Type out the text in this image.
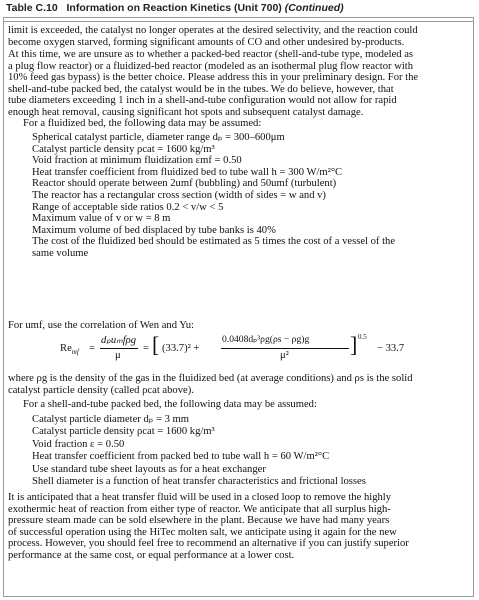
Table C.10 Information on Reaction Kinetics (Unit 700) (Continued)
limit is exceeded, the catalyst no longer operates at the desired selectivity, and the reaction could
become oxygen starved, forming significant amounts of CO and other undesired by-products.
At this time, we are unsure as to whether a packed-bed reactor (shell-and-tube type, modeled as
a plug flow reactor) or a fluidized-bed reactor (modeled as an isothermal plug flow reactor with
10% feed gas bypass) is the better choice. Please address this in your preliminary design. For the
shell-and-tube packed bed, the catalyst would be in the tubes. We do believe, however, that
tube diameters exceeding 1 inch in a shell-and-tube configuration would not allow for rapid
enough heat removal, causing significant hot spots and subsequent catalyst damage.
For a fluidized bed, the following data may be assumed:
Spherical catalyst particle, diameter range dₚ = 300–600μm
Catalyst particle density ρcat = 1600 kg/m³
Void fraction at minimum fluidization εmf = 0.50
Heat transfer coefficient from fluidized bed to tube wall h = 300 W/m²°C
Reactor should operate between 2umf (bubbling) and 50umf (turbulent)
The reactor has a rectangular cross section (width of sides = w and v)
Range of acceptable side ratios 0.2 < v/w < 5
Maximum value of v or w = 8 m
Maximum volume of bed displaced by tube banks is 40%
The cost of the fluidized bed should be estimated as 5 times the cost of a vessel of the
same volume
For umf, use the correlation of Wen and Yu:
where ρg is the density of the gas in the fluidized bed (at average conditions) and ρs is the solid
catalyst particle density (called ρcat above).
For a shell-and-tube packed bed, the following data may be assumed:
Catalyst particle diameter dₚ = 3 mm
Catalyst particle density ρcat = 1600 kg/m³
Void fraction ε = 0.50
Heat transfer coefficient from packed bed to tube wall h = 60 W/m²°C
Use standard tube sheet layouts as for a heat exchanger
Shell diameter is a function of heat transfer characteristics and frictional losses
It is anticipated that a heat transfer fluid will be used in a closed loop to remove the highly
exothermic heat of reaction from either type of reactor. We anticipate that all surplus high-
pressure steam made can be sold elsewhere in the plant. Because we have had many years
of successful operation using the HiTec molten salt, we anticipate using it again for the new
process. However, you should feel free to recommend an alternative if you can justify superior
performance at the same cost, or equal performance at a lower cost.
$Re_{mf}$ =
dₚuₘfρg
μ
= [ (33.7)² +
0.0408dₚ³ρg(ρs − ρg)g
μ²	] 0.5
− 33.7
